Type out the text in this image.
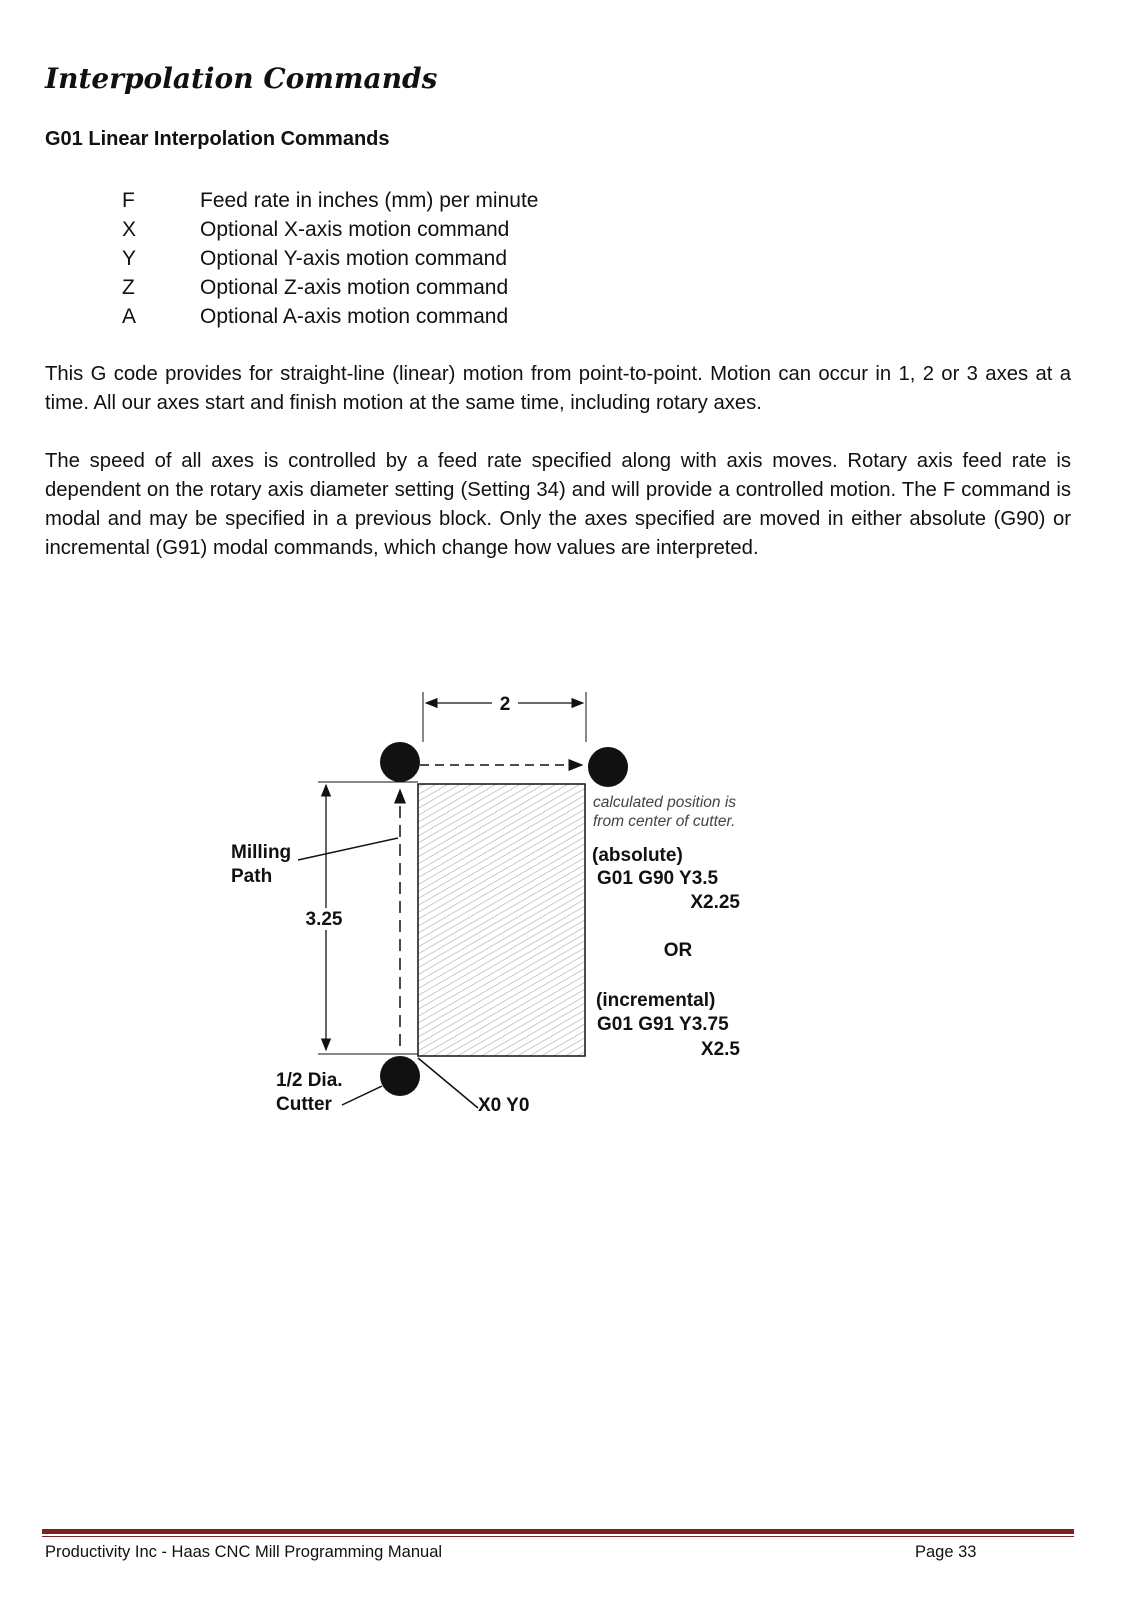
Interpolation Commands
G01 Linear Interpolation Commands
F	Feed rate in inches (mm) per minute
X	Optional X-axis motion command
Y	Optional Y-axis motion command
Z	Optional Z-axis motion command
A	Optional A-axis motion command

This G code provides for straight-line (linear) motion from point-to-point. Motion can occur in 1, 2 or 3 axes at a time. All our axes start and finish motion at the same time, including rotary axes.

The speed of all axes is controlled by a feed rate specified along with axis moves. Rotary axis feed rate is dependent on the rotary axis diameter setting (Setting 34) and will provide a controlled motion. The F command is modal and may be specified in a previous block. Only the axes specified are moved in either absolute (G90) or incremental (G91) modal commands, which change how values are interpreted.

2
3.25
calculated position is
from center of cutter.
Milling
Path
(absolute)
G01 G90 Y3.5
X2.25
OR
(incremental)
G01 G91 Y3.75
X2.5
1/2 Dia.
Cutter	X0 Y0
Productivity Inc - Haas CNC Mill Programming Manual	Page 33
